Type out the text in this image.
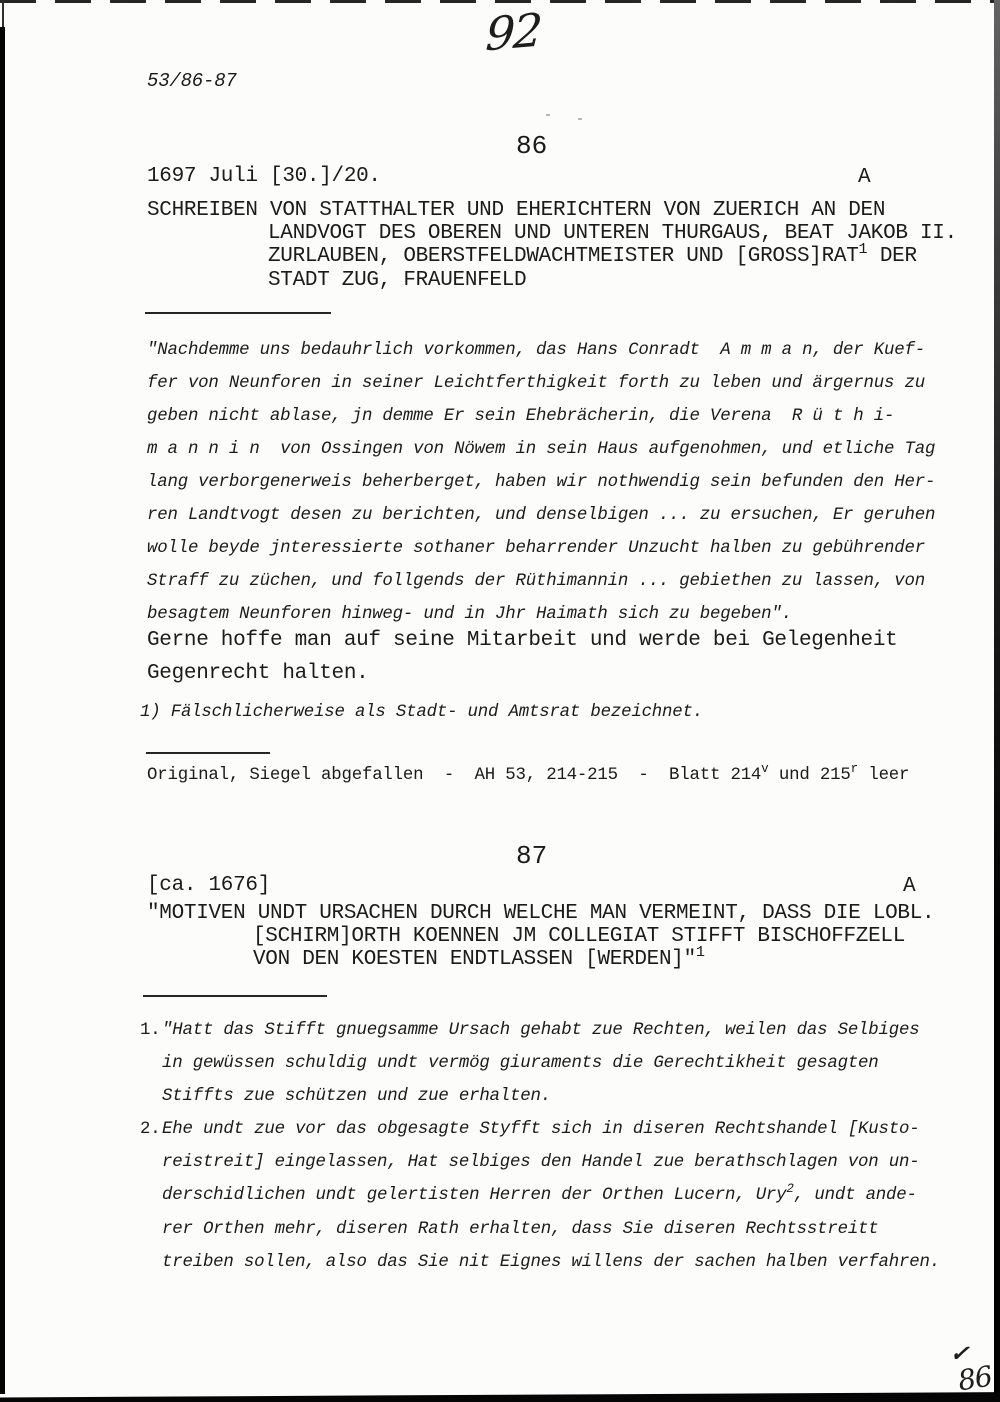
92
53/86-87
86
1697 Juli [30.]/20.	A
SCHREIBEN VON STATTHALTER UND EHERICHTERN VON ZUERICH AN DEN
LANDVOGT DES OBEREN UND UNTEREN THURGAUS, BEAT JAKOB II.
ZURLAUBEN, OBERSTFELDWACHTMEISTER UND [GROSS]RAT$^1$ DER
STADT ZUG, FRAUENFELD
"Nachdemme uns bedauhrlich vorkommen, das Hans Conradt  A m m a n, der Kuef-
fer von Neunforen in seiner Leichtferthigkeit forth zu leben und ärgernus zu
geben nicht ablase, jn demme Er sein Ehebrächerin, die Verena  R ü t h i-
m a n n i n  von Ossingen von Nöwem in sein Haus aufgenohmen, und etliche Tag
lang verborgenerweis beherberget, haben wir nothwendig sein befunden den Her-
ren Landtvogt desen zu berichten, und denselbigen ... zu ersuchen, Er geruhen
wolle beyde jnteressierte sothaner beharrender Unzucht halben zu gebührender
Straff zu züchen, und follgends der Rüthimannin ... gebiethen zu lassen, von
besagtem Neunforen hinweg- und in Jhr Haimath sich zu begeben".
Gerne hoffe man auf seine Mitarbeit und werde bei Gelegenheit
Gegenrecht halten.
1) Fälschlicherweise als Stadt- und Amtsrat bezeichnet.
Original, Siegel abgefallen  -  AH 53, 214-215  -  Blatt 214$^v$ und 215$^r$ leer
87
[ca. 1676]	A
"MOTIVEN UNDT URSACHEN DURCH WELCHE MAN VERMEINT, DASS DIE LOBL.
[SCHIRM]ORTH KOENNEN JM COLLEGIAT STIFFT BISCHOFFZELL
VON DEN KOESTEN ENDTLASSEN [WERDEN]"$^1$
1. "Hatt das Stifft gnuegsamme Ursach gehabt zue Rechten, weilen das Selbiges
in gewüssen schuldig undt vermög giuraments die Gerechtikheit gesagten
Stiffts zue schützen und zue erhalten.
2. Ehe undt zue vor das obgesagte Styfft sich in diseren Rechtshandel [Kusto-
reistreit] eingelassen, Hat selbiges den Handel zue berathschlagen von un-
derschidlichen undt gelertisten Herren der Orthen Lucern, Ury$^2$, undt ande-
rer Orthen mehr, diseren Rath erhalten, dass Sie diseren Rechtsstreitt
treiben sollen, also das Sie nit Eignes willens der sachen halben verfahren.
✓
86
